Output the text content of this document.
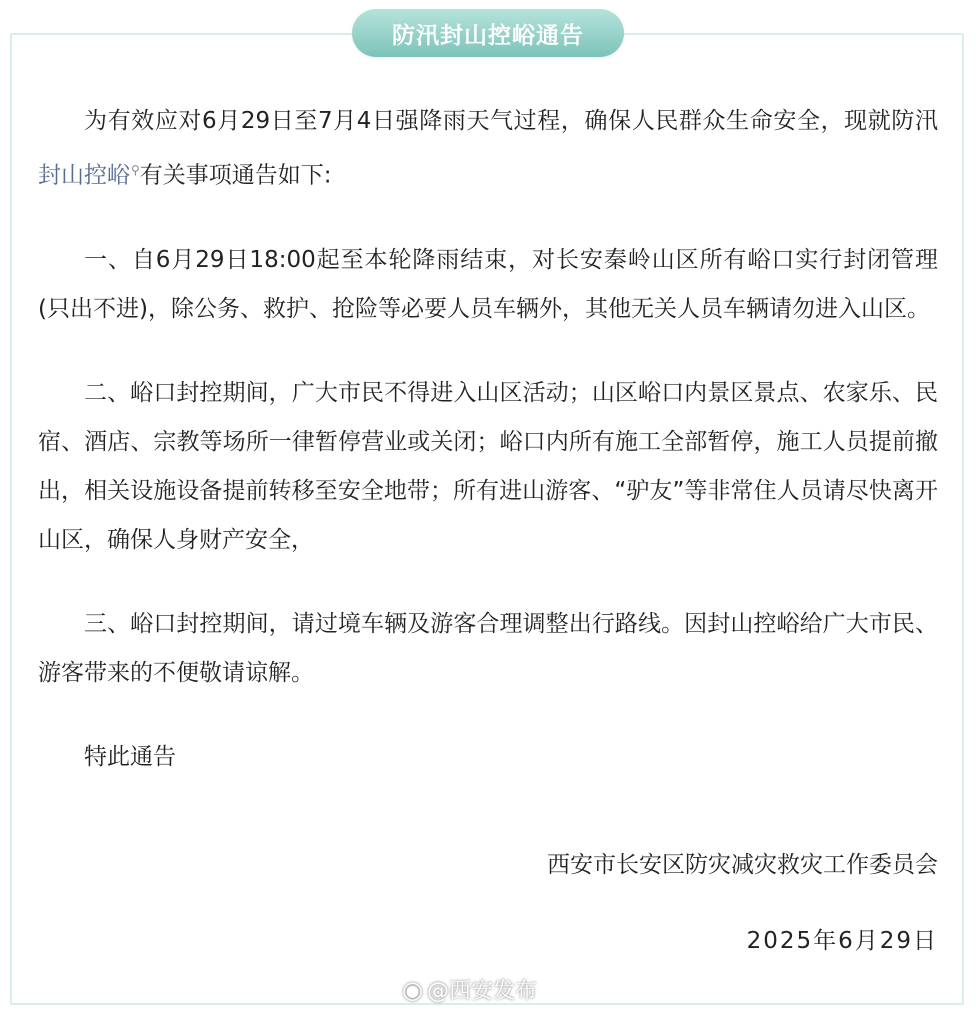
防汛封山控峪通告

为有效应对6月29日至7月4日强降雨天气过程，确保人民群众生命安全，现就防汛封山控峪⚲有关事项通告如下:

一、自6月29日18:00起至本轮降雨结束，对长安秦岭山区所有峪口实行封闭管理(只出不进)，除公务、救护、抢险等必要人员车辆外，其他无关人员车辆请勿进入山区。

二、峪口封控期间，广大市民不得进入山区活动；山区峪口内景区景点、农家乐、民宿、酒店、宗教等场所一律暂停营业或关闭；峪口内所有施工全部暂停，施工人员提前撤出，相关设施设备提前转移至安全地带；所有进山游客、“驴友”等非常住人员请尽快离开山区，确保人身财产安全，

三、峪口封控期间，请过境车辆及游客合理调整出行路线。因封山控峪给广大市民、游客带来的不便敬请谅解。

特此通告

西安市长安区防灾减灾救灾工作委员会
2025年6月29日
◉ @西安发布
